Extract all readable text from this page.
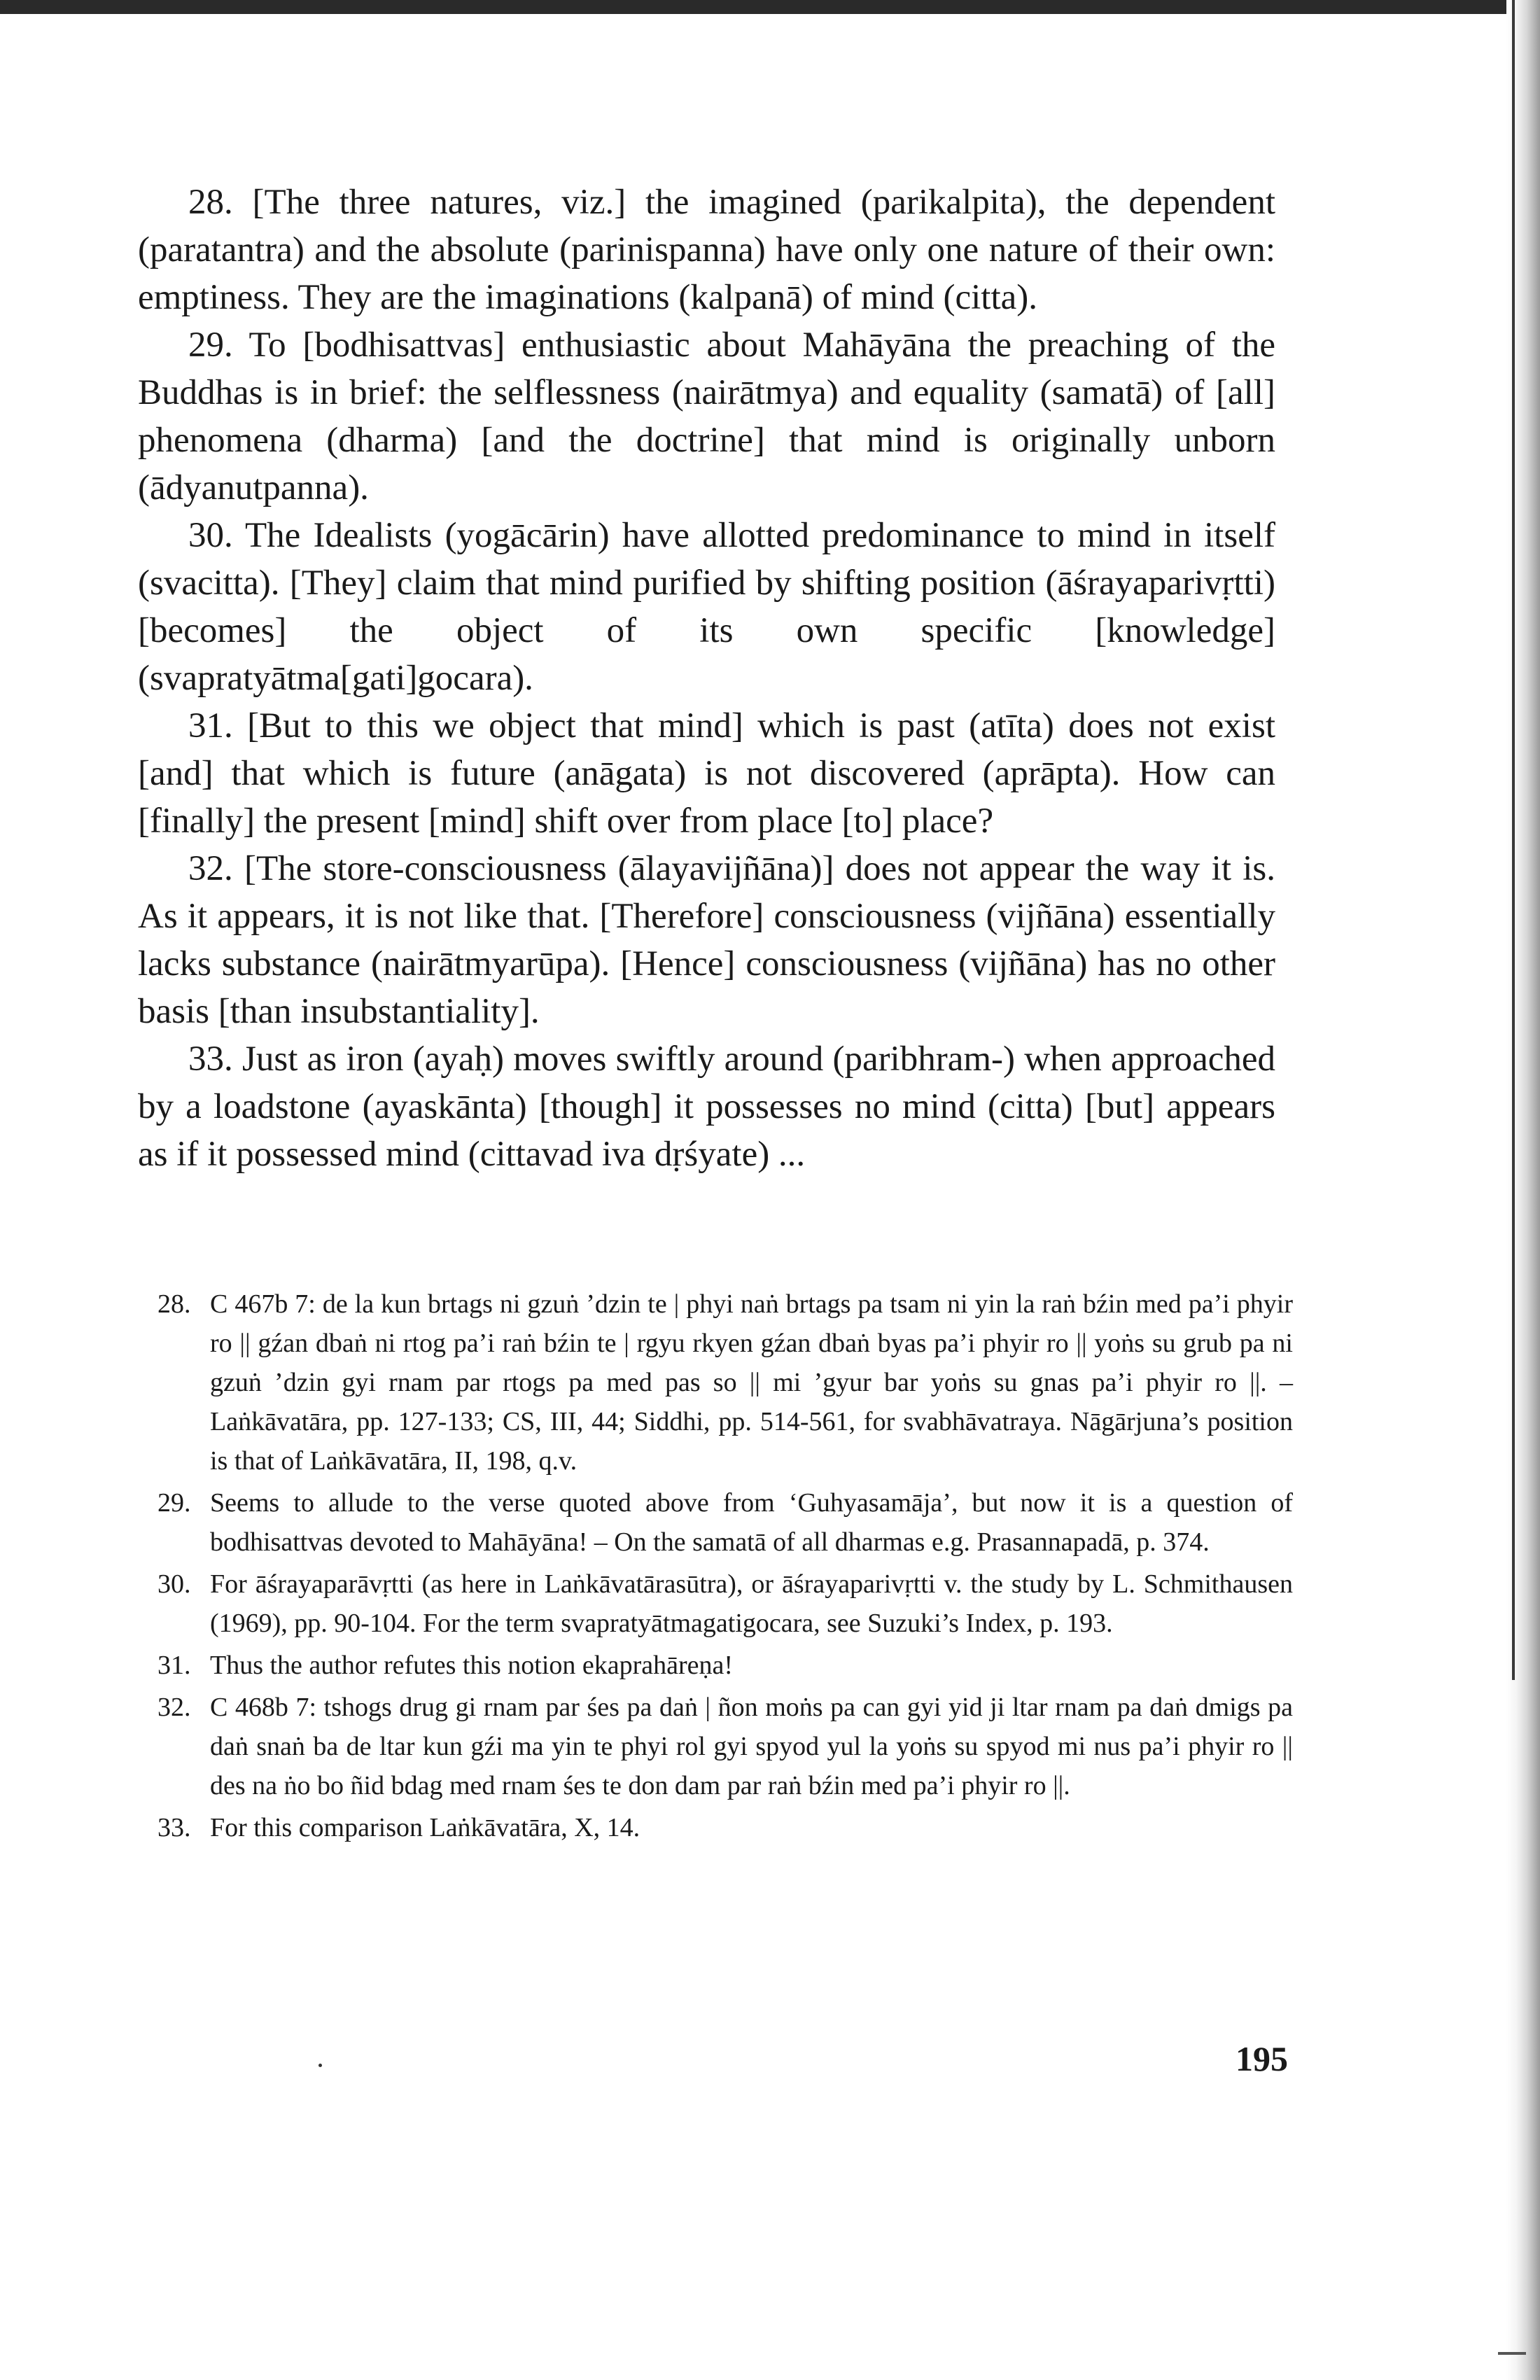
28. [The three natures, viz.] the imagined (parikalpita), the dependent (paratantra) and the absolute (parinispanna) have only one nature of their own: emptiness. They are the imaginations (kalpanā) of mind (citta).

29. To [bodhisattvas] enthusiastic about Mahāyāna the preaching of the Buddhas is in brief: the selflessness (nairātmya) and equality (samatā) of [all] phenomena (dharma) [and the doctrine] that mind is originally unborn (ādyanutpanna).

30. The Idealists (yogācārin) have allotted predominance to mind in itself (svacitta). [They] claim that mind purified by shifting position (āśrayaparivṛtti) [becomes] the object of its own specific [knowledge] (svapratyātma[gati]gocara).

31. [But to this we object that mind] which is past (atīta) does not exist [and] that which is future (anāgata) is not discovered (aprāpta). How can [finally] the present [mind] shift over from place [to] place?

32. [The store-consciousness (ālayavijñāna)] does not appear the way it is. As it appears, it is not like that. [Therefore] consciousness (vijñāna) essentially lacks substance (nairātmyarūpa). [Hence] consciousness (vijñāna) has no other basis [than insubstantiality].

33. Just as iron (ayaḥ) moves swiftly around (paribhram-) when approached by a loadstone (ayaskānta) [though] it possesses no mind (citta) [but] appears as if it possessed mind (cittavad iva dṛśyate) ...

28. C 467b 7: de la kun brtags ni gzuṅ ’dzin te | phyi naṅ brtags pa tsam ni yin la raṅ bźin med pa’i phyir ro || gźan dbaṅ ni rtog pa’i raṅ bźin te | rgyu rkyen gźan dbaṅ byas pa’i phyir ro || yoṅs su grub pa ni gzuṅ ’dzin gyi rnam par rtogs pa med pas so || mi ’gyur bar yoṅs su gnas pa’i phyir ro ||. – Laṅkāvatāra, pp. 127-133; CS, III, 44; Siddhi, pp. 514-561, for svabhāvatraya. Nāgārjuna’s position is that of Laṅkāvatāra, II, 198, q.v.
29. Seems to allude to the verse quoted above from ‘Guhyasamāja’, but now it is a question of bodhisattvas devoted to Mahāyāna! – On the samatā of all dharmas e.g. Prasannapadā, p. 374.
30. For āśrayaparāvṛtti (as here in Laṅkāvatārasūtra), or āśrayaparivṛtti v. the study by L. Schmithausen (1969), pp. 90-104. For the term svapratyātmagatigocara, see Suzuki’s Index, p. 193.
31. Thus the author refutes this notion ekaprahāreṇa!
32. C 468b 7: tshogs drug gi rnam par śes pa daṅ | ñon moṅs pa can gyi yid ji ltar rnam pa daṅ dmigs pa daṅ snaṅ ba de ltar kun gźi ma yin te phyi rol gyi spyod yul la yoṅs su spyod mi nus pa’i phyir ro || des na ṅo bo ñid bdag med rnam śes te don dam par raṅ bźin med pa’i phyir ro ||.
33. For this comparison Laṅkāvatāra, X, 14.
195
